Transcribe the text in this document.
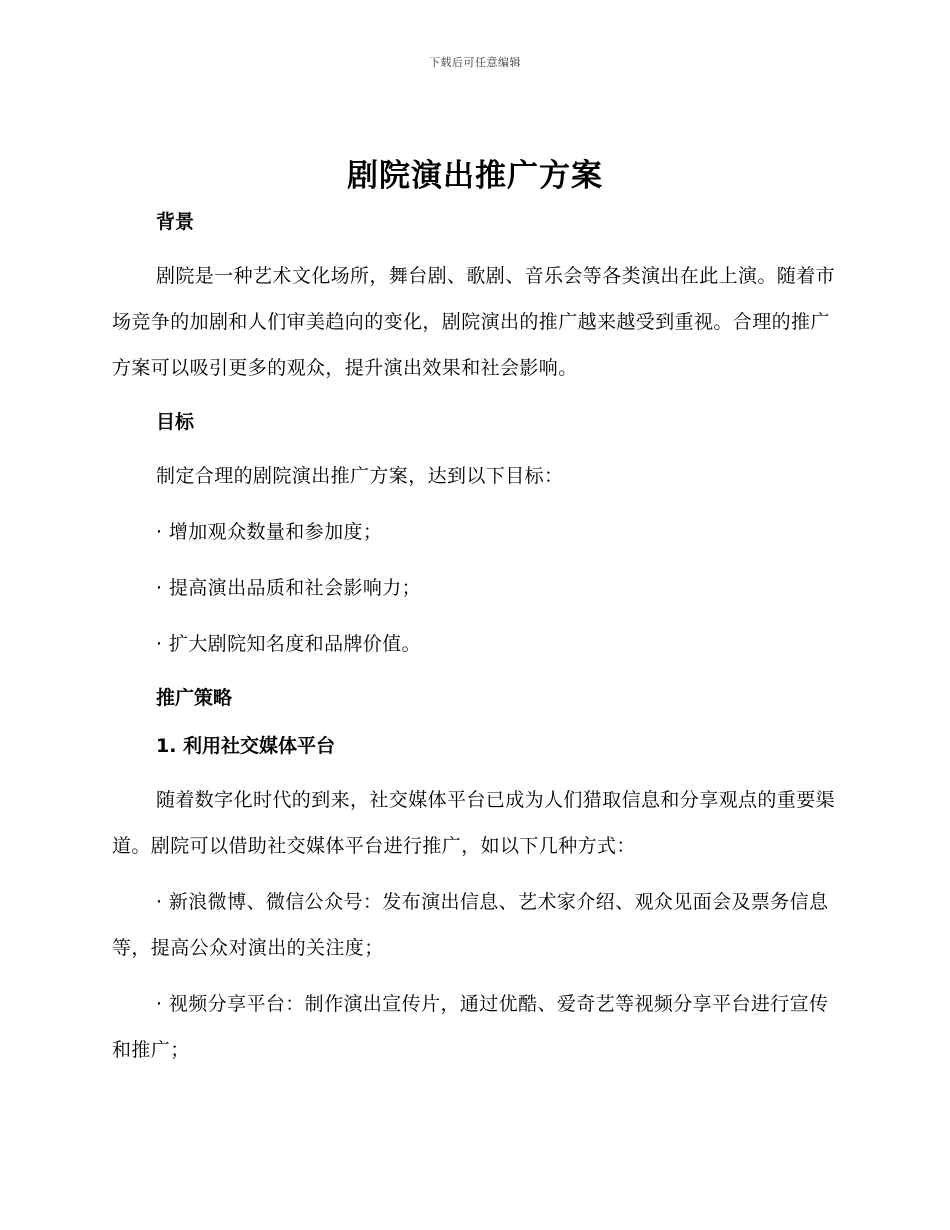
下载后可任意编辑
剧院演出推广方案

背景

剧院是一种艺术文化场所，舞台剧、歌剧、音乐会等各类演出在此上演。随着市场竞争的加剧和人们审美趋向的变化，剧院演出的推广越来越受到重视。合理的推广方案可以吸引更多的观众，提升演出效果和社会影响。

目标

制定合理的剧院演出推广方案，达到以下目标：

· 增加观众数量和参加度；

· 提高演出品质和社会影响力；

· 扩大剧院知名度和品牌价值。

推广策略

1. 利用社交媒体平台

随着数字化时代的到来，社交媒体平台已成为人们猎取信息和分享观点的重要渠道。剧院可以借助社交媒体平台进行推广，如以下几种方式：

· 新浪微博、微信公众号：发布演出信息、艺术家介绍、观众见面会及票务信息等，提高公众对演出的关注度；

· 视频分享平台：制作演出宣传片，通过优酷、爱奇艺等视频分享平台进行宣传和推广；
